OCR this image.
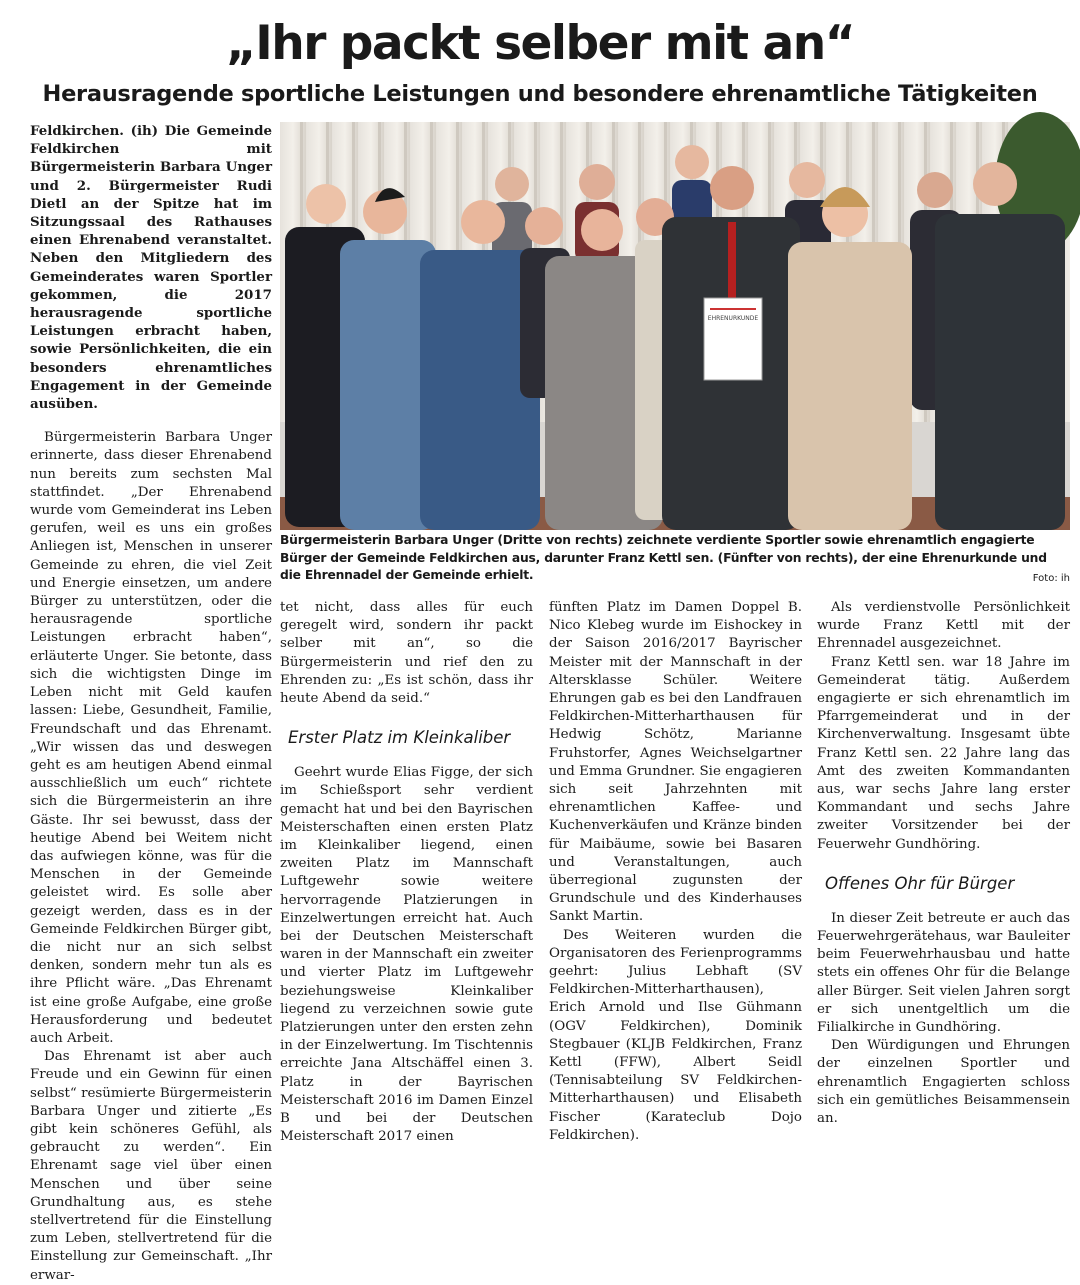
„Ihr packt selber mit an“
Herausragende sportliche Leistungen und besondere ehrenamtliche Tätigkeiten

Feldkirchen. (ih) Die Gemeinde Feldkirchen mit Bürgermeisterin Barbara Unger und 2. Bürgermeister Rudi Dietl an der Spitze hat im Sitzungssaal des Rathauses einen Ehrenabend veranstaltet. Neben den Mitgliedern des Gemeinderates waren Sportler gekommen, die 2017 herausragende sportliche Leistungen erbracht haben, sowie Persönlichkeiten, die ein besonders ehrenamtliches Engagement in der Gemeinde ausüben.

Bürgermeisterin Barbara Unger erinnerte, dass dieser Ehrenabend nun bereits zum sechsten Mal stattfindet. „Der Ehrenabend wurde vom Gemeinderat ins Leben gerufen, weil es uns ein großes Anliegen ist, Menschen in unserer Gemeinde zu ehren, die viel Zeit und Energie einsetzen, um andere Bürger zu unterstützen, oder die herausragende sportliche Leistungen erbracht haben“, erläuterte Unger. Sie betonte, dass sich die wichtigsten Dinge im Leben nicht mit Geld kaufen lassen: Liebe, Gesundheit, Familie, Freundschaft und das Ehrenamt. „Wir wissen das und deswegen geht es am heutigen Abend einmal ausschließlich um euch“ richtete sich die Bürgermeisterin an ihre Gäste. Ihr sei bewusst, dass der heutige Abend bei Weitem nicht das aufwiegen könne, was für die Menschen in der Gemeinde geleistet wird. Es solle aber gezeigt werden, dass es in der Gemeinde Feldkirchen Bürger gibt, die nicht nur an sich selbst denken, sondern mehr tun als es ihre Pflicht wäre. „Das Ehrenamt ist eine große Aufgabe, eine große Herausforderung und bedeutet auch Arbeit.

Das Ehrenamt ist aber auch Freude und ein Gewinn für einen selbst“ resümierte Bürgermeisterin Barbara Unger und zitierte „Es gibt kein schöneres Gefühl, als gebraucht zu werden“. Ein Ehrenamt sage viel über einen Menschen und über seine Grundhaltung aus, es stehe stellvertretend für die Einstellung zum Leben, stellvertretend für die Einstellung zur Gemeinschaft. „Ihr erwar-

EHRENURKUNDE

Bürgermeisterin Barbara Unger (Dritte von rechts) zeichnete verdiente Sportler sowie ehrenamtlich engagierte Bürger der Gemeinde Feldkirchen aus, darunter Franz Kettl sen. (Fünfter von rechts), der eine Ehrenurkunde und die Ehrennadel der Gemeinde erhielt.	Foto: ih

tet nicht, dass alles für euch geregelt wird, sondern ihr packt selber mit an“, so die Bürgermeisterin und rief den zu Ehrenden zu: „Es ist schön, dass ihr heute Abend da seid.“

Erster Platz im Kleinkaliber

Geehrt wurde Elias Figge, der sich im Schießsport sehr verdient gemacht hat und bei den Bayrischen Meisterschaften einen ersten Platz im Kleinkaliber liegend, einen zweiten Platz im Mannschaft Luftgewehr sowie weitere hervorragende Platzierungen in Einzelwertungen erreicht hat. Auch bei der Deutschen Meisterschaft waren in der Mannschaft ein zweiter und vierter Platz im Luftgewehr beziehungsweise Kleinkaliber liegend zu verzeichnen sowie gute Platzierungen unter den ersten zehn in der Einzelwertung. Im Tischtennis erreichte Jana Altschäffel einen 3. Platz in der Bayrischen Meisterschaft 2016 im Damen Einzel B und bei der Deutschen Meisterschaft 2017 einen

fünften Platz im Damen Doppel B. Nico Klebeg wurde im Eishockey in der Saison 2016/2017 Bayrischer Meister mit der Mannschaft in der Altersklasse Schüler. Weitere Ehrungen gab es bei den Landfrauen Feldkirchen-Mitterharthausen für Hedwig Schötz, Marianne Fruhstorfer, Agnes Weichselgartner und Emma Grundner. Sie engagieren sich seit Jahrzehnten mit ehrenamtlichen Kaffee- und Kuchenverkäufen und Kränze binden für Maibäume, sowie bei Basaren und Veranstaltungen, auch überregional zugunsten der Grundschule und des Kinderhauses Sankt Martin.

Des Weiteren wurden die Organisatoren des Ferienprogramms geehrt: Julius Lebhaft (SV Feldkirchen-Mitterharthausen), Erich Arnold und Ilse Gühmann (OGV Feldkirchen), Dominik Stegbauer (KLJB Feldkirchen, Franz Kettl (FFW), Albert Seidl (Tennisabteilung SV Feldkirchen-Mitterharthausen) und Elisabeth Fischer (Karateclub Dojo Feldkirchen).

Als verdienstvolle Persönlichkeit wurde Franz Kettl mit der Ehrennadel ausgezeichnet.

Franz Kettl sen. war 18 Jahre im Gemeinderat tätig. Außerdem engagierte er sich ehrenamtlich im Pfarrgemeinderat und in der Kirchenverwaltung. Insgesamt übte Franz Kettl sen. 22 Jahre lang das Amt des zweiten Kommandanten aus, war sechs Jahre lang erster Kommandant und sechs Jahre zweiter Vorsitzender bei der Feuerwehr Gundhöring.

Offenes Ohr für Bürger

In dieser Zeit betreute er auch das Feuerwehrgerätehaus, war Bauleiter beim Feuerwehrhausbau und hatte stets ein offenes Ohr für die Belange aller Bürger. Seit vielen Jahren sorgt er sich unentgeltlich um die Filialkirche in Gundhöring.

Den Würdigungen und Ehrungen der einzelnen Sportler und ehrenamtlich Engagierten schloss sich ein gemütliches Beisammensein an.
